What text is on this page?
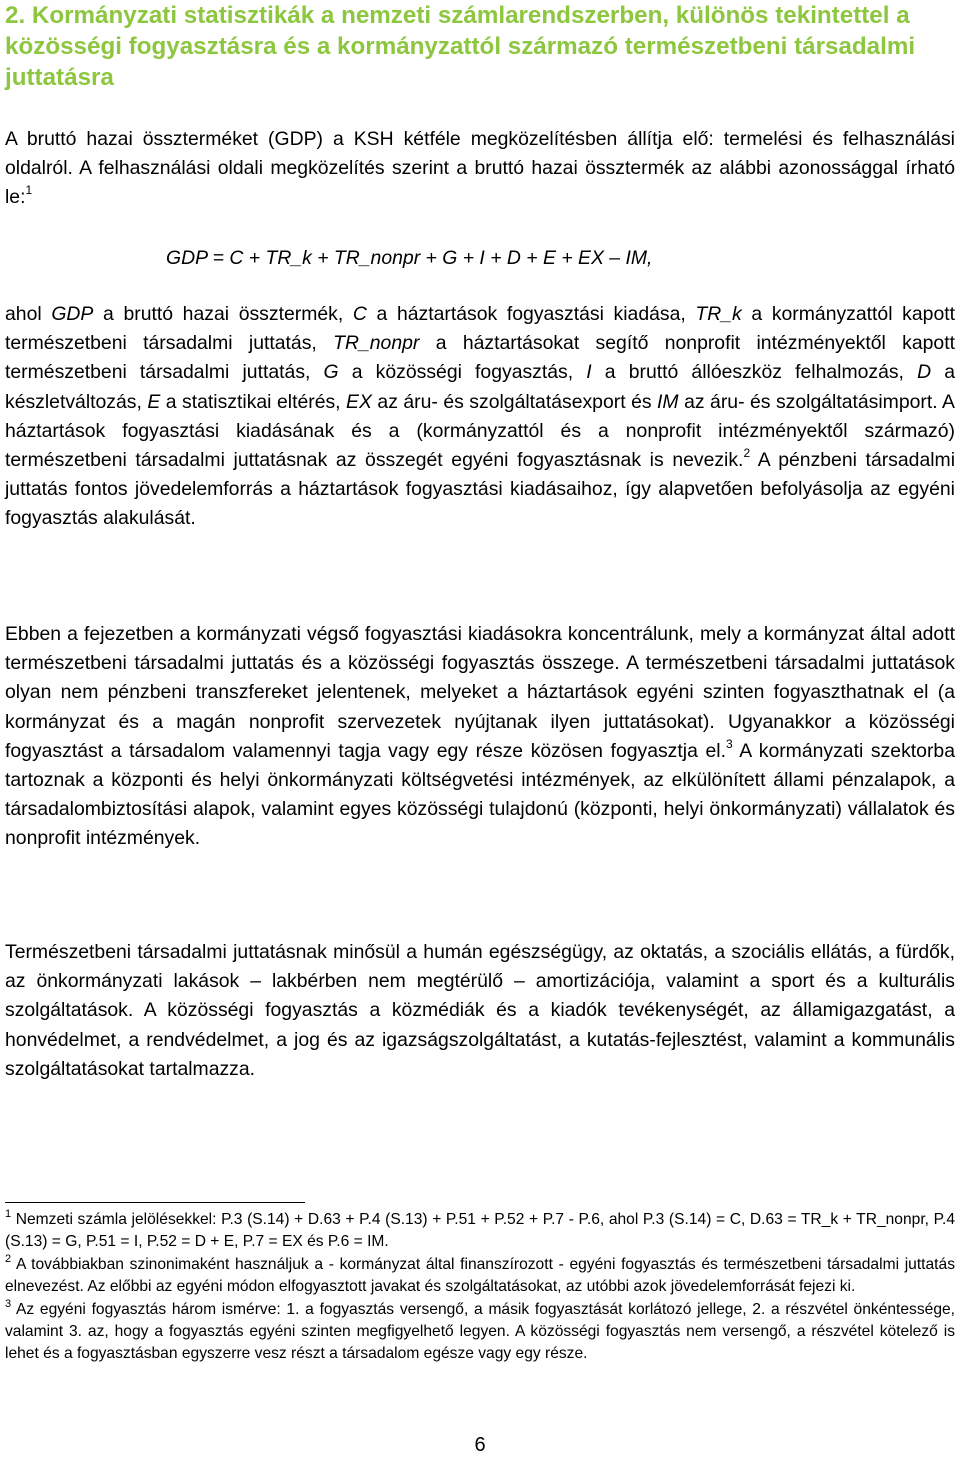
2. Kormányzati statisztikák a nemzeti számlarendszerben, különös tekintettel a közösségi fogyasztásra és a kormányzattól származó természetbeni társadalmi juttatásra

A bruttó hazai összterméket (GDP) a KSH kétféle megközelítésben állítja elő: termelési és felhasználási oldalról. A felhasználási oldali megközelítés szerint a bruttó hazai össztermék az alábbi azonossággal írható le:$^1$

GDP = C + TR_k + TR_nonpr + G + I + D + E + EX – IM,

ahol GDP a bruttó hazai össztermék, C a háztartások fogyasztási kiadása, TR_k a kormányzattól kapott természetbeni társadalmi juttatás, TR_nonpr a háztartásokat segítő nonprofit intézményektől kapott természetbeni társadalmi juttatás, G a közösségi fogyasztás, I a bruttó állóeszköz felhalmozás, D a készletváltozás, E a statisztikai eltérés, EX az áru- és szolgáltatásexport és IM az áru- és szolgáltatásimport. A háztartások fogyasztási kiadásának és a (kormányzattól és a nonprofit intézményektől származó) természetbeni társadalmi juttatásnak az összegét egyéni fogyasztásnak is nevezik.$^2$ A pénzbeni társadalmi juttatás fontos jövedelemforrás a háztartások fogyasztási kiadásaihoz, így alapvetően befolyásolja az egyéni fogyasztás alakulását.

Ebben a fejezetben a kormányzati végső fogyasztási kiadásokra koncentrálunk, mely a kormányzat által adott természetbeni társadalmi juttatás és a közösségi fogyasztás összege. A természetbeni társadalmi juttatások olyan nem pénzbeni transzfereket jelentenek, melyeket a háztartások egyéni szinten fogyaszthatnak el (a kormányzat és a magán nonprofit szervezetek nyújtanak ilyen juttatásokat). Ugyanakkor a közösségi fogyasztást a társadalom valamennyi tagja vagy egy része közösen fogyasztja el.$^3$ A kormányzati szektorba tartoznak a központi és helyi önkormányzati költségvetési intézmények, az elkülönített állami pénzalapok, a társadalombiztosítási alapok, valamint egyes közösségi tulajdonú (központi, helyi önkormányzati) vállalatok és nonprofit intézmények.

Természetbeni társadalmi juttatásnak minősül a humán egészségügy, az oktatás, a szociális ellátás, a fürdők, az önkormányzati lakások – lakbérben nem megtérülő – amortizációja, valamint a sport és a kulturális szolgáltatások. A közösségi fogyasztás a közmédiák és a kiadók tevékenységét, az államigazgatást, a honvédelmet, a rendvédelmet, a jog és az igazságszolgáltatást, a kutatás-fejlesztést, valamint a kommunális szolgáltatásokat tartalmazza.

$^1$ Nemzeti számla jelölésekkel: P.3 (S.14) + D.63 + P.4 (S.13) + P.51 + P.52 + P.7 - P.6, ahol P.3 (S.14) = C, D.63 = TR_k + TR_nonpr, P.4 (S.13) = G, P.51 = I, P.52 = D + E, P.7 = EX és P.6 = IM.

$^2$ A továbbiakban szinonimaként használjuk a - kormányzat által finanszírozott - egyéni fogyasztás és természetbeni társadalmi juttatás elnevezést. Az előbbi az egyéni módon elfogyasztott javakat és szolgáltatásokat, az utóbbi azok jövedelemforrását fejezi ki.

$^3$ Az egyéni fogyasztás három ismérve: 1. a fogyasztás versengő, a másik fogyasztását korlátozó jellege, 2. a részvétel önkéntessége, valamint 3. az, hogy a fogyasztás egyéni szinten megfigyelhető legyen. A közösségi fogyasztás nem versengő, a részvétel kötelező is lehet és a fogyasztásban egyszerre vesz részt a társadalom egésze vagy egy része.

6
